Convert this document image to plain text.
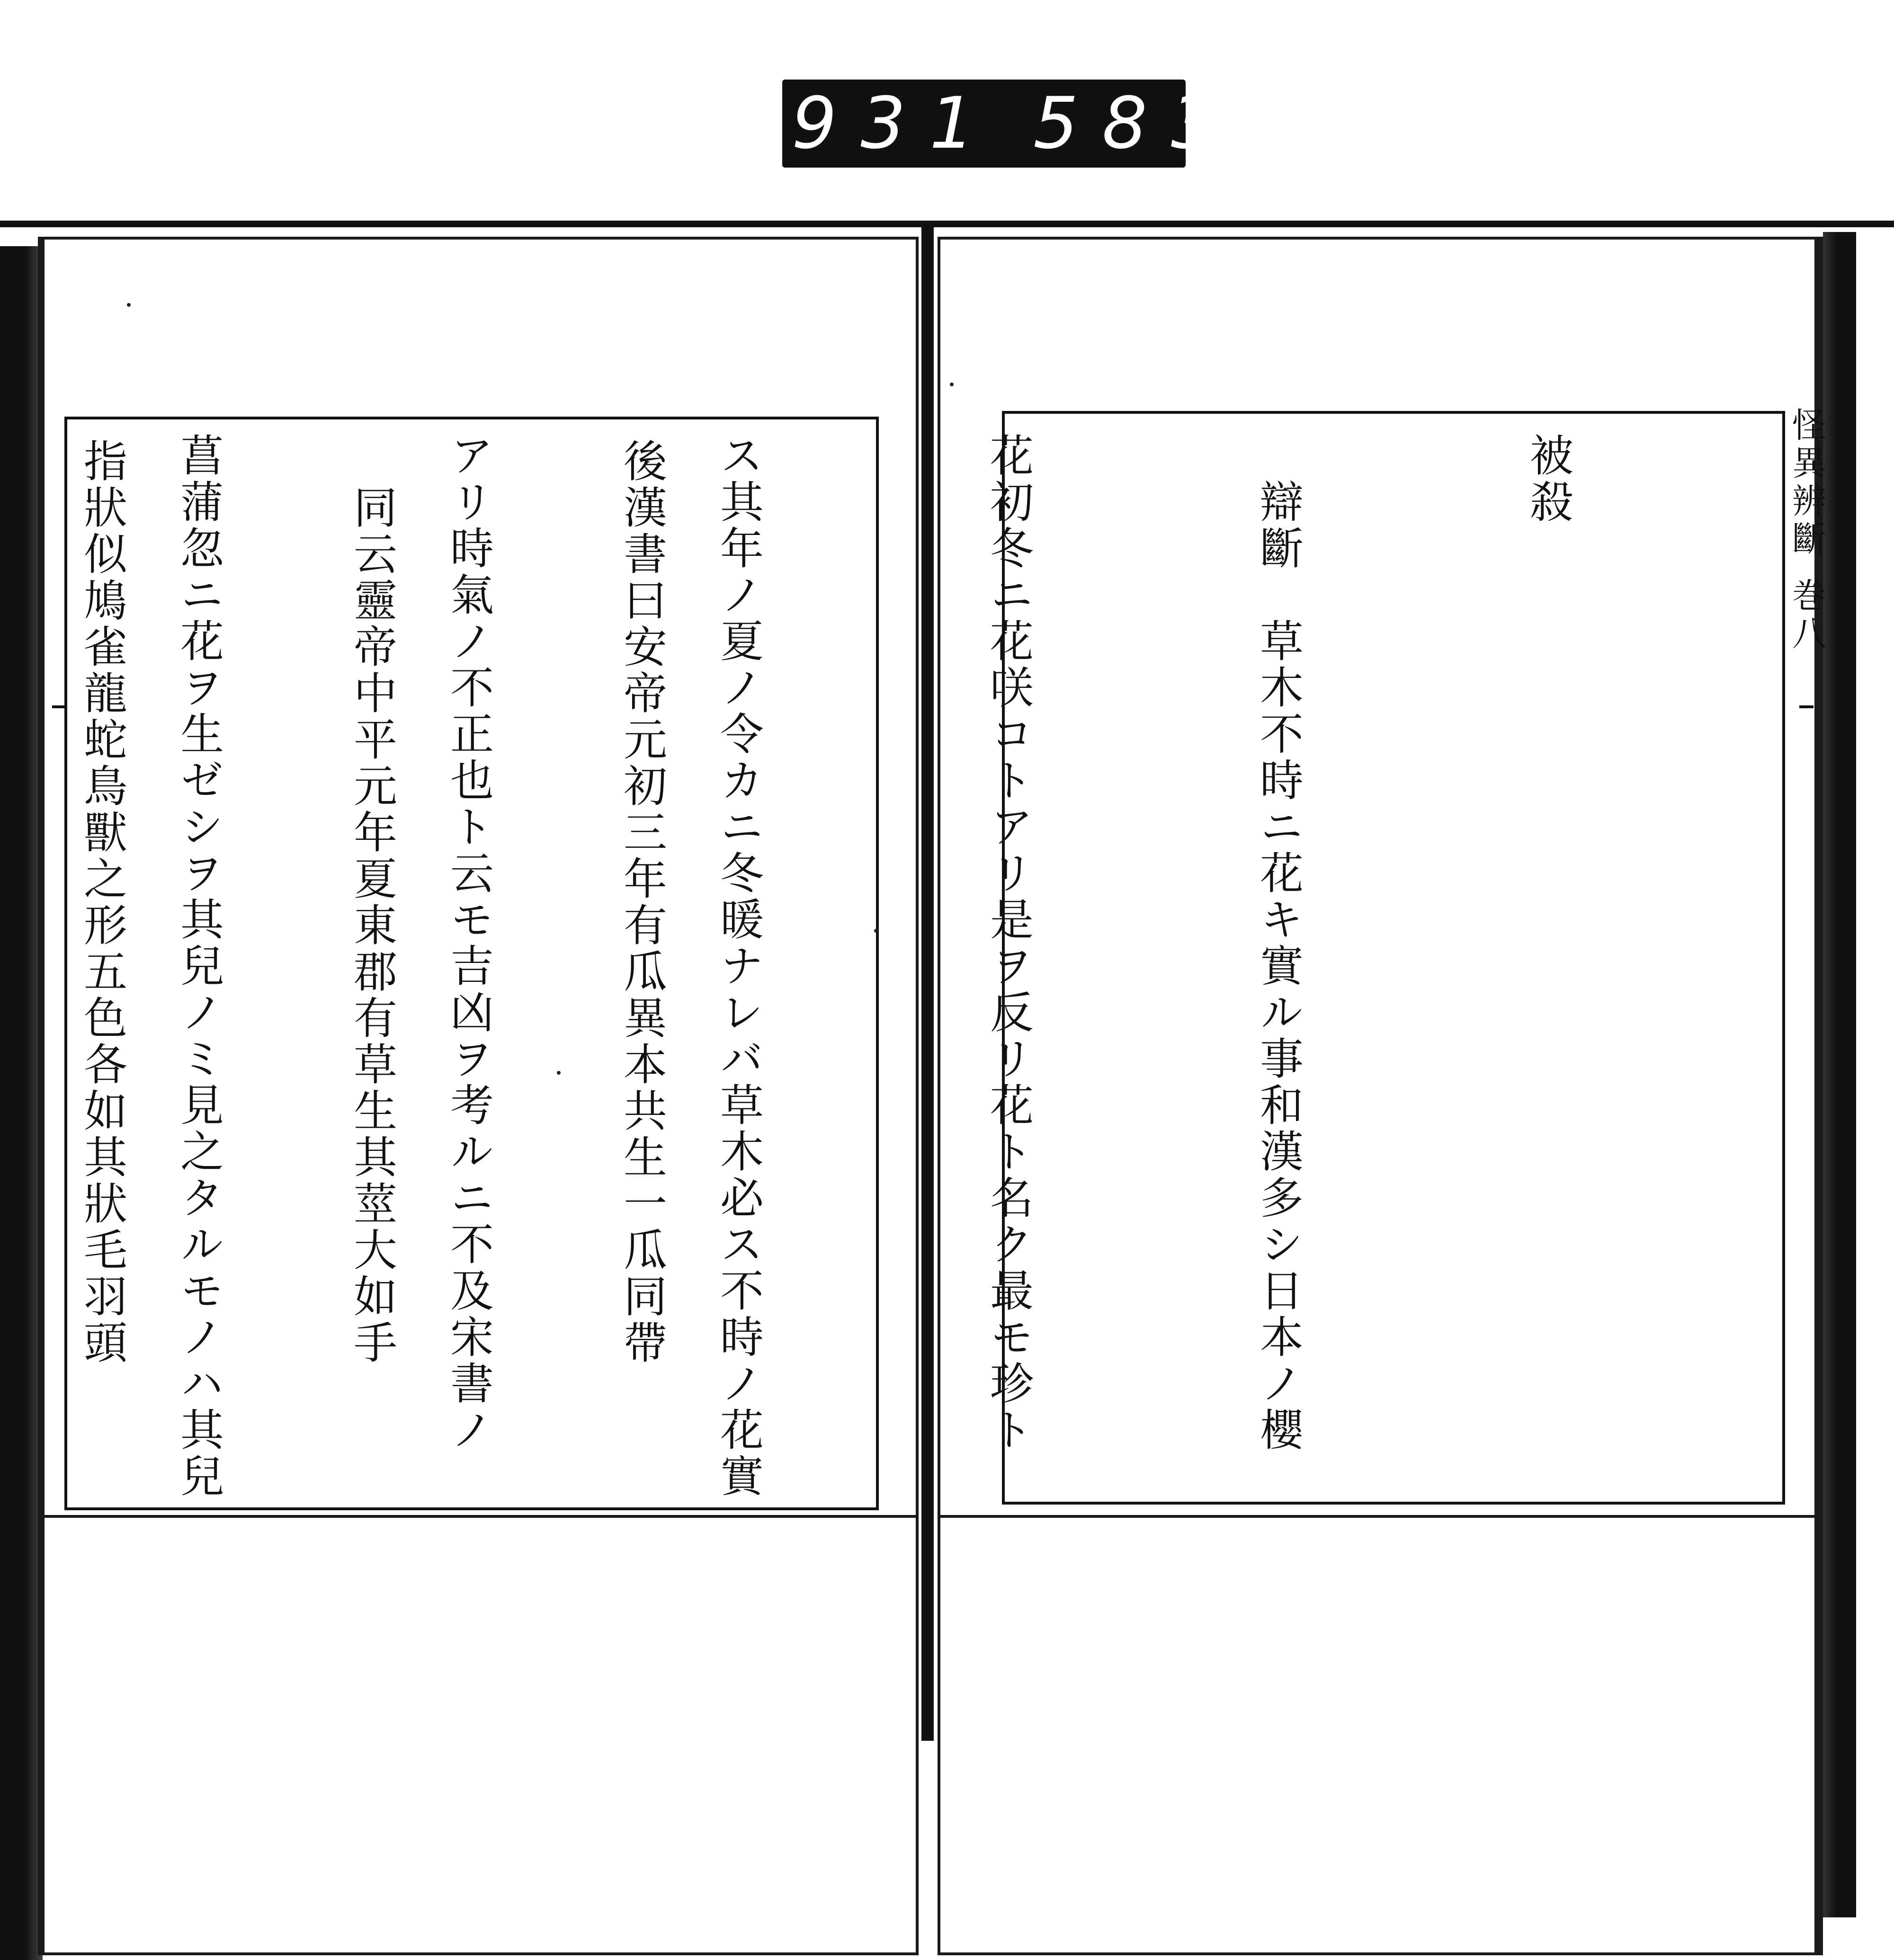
931 583.

後漢書曰安帝元初三年有瓜異本共生一瓜同帶

　同云靈帝中平元年夏東郡有草生其莖大如手

指狀似鳩雀龍蛇鳥獸之形五色各如其狀毛羽頭

	被殺

　辯斷　草木不時ニ花キ實ル事和漢多シ日本ノ櫻

花初冬ニ花咲コトアリ是ヲ反リ花ト名ク最モ珍ト

ス其年ノ夏ノ令カニ冬暖ナレバ草木必ス不時ノ花實

アリ時氣ノ不正也ト云モ吉凶ヲ考ルニ不及宋書ノ

菖蒲忽ニ花ヲ生ゼシヲ其兒ノミ見之タルモノハ其兒

	怪異辨斷巻八
